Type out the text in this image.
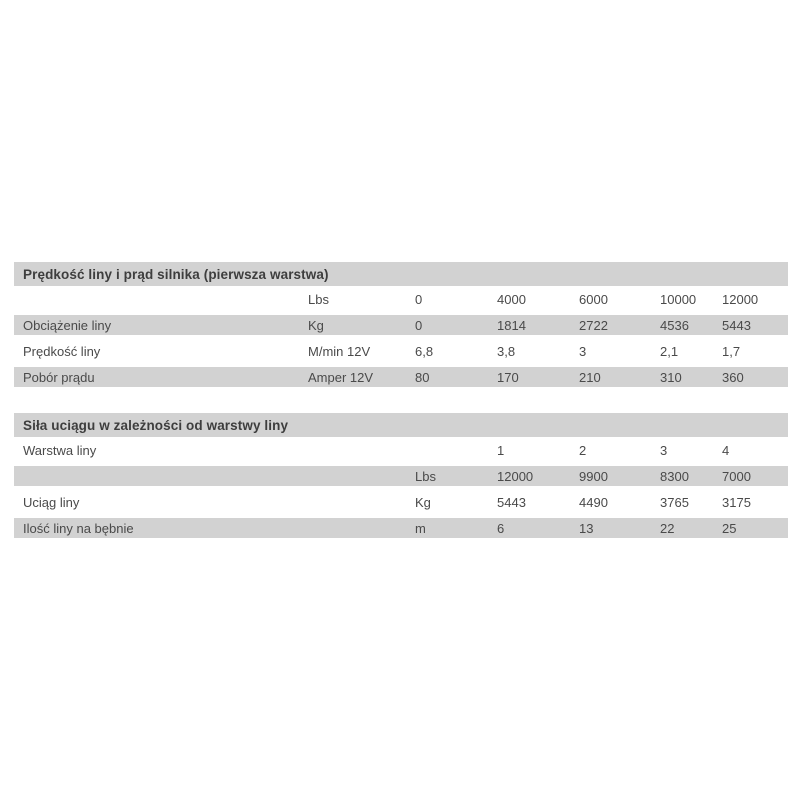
Prędkość liny i prąd silnika (pierwsza warstwa)						
	Lbs	0	4000	6000	10000	12000
Obciążenie liny	Kg	0	1814	2722	4536	5443
Prędkość liny	M/min 12V	6,8	3,8	3	2,1	1,7
Pobór prądu	Amper 12V	80	170	210	310	360
Siła uciągu w zależności od warstwy liny					
Warstwa liny		1	2	3	4
	Lbs	12000	9900	8300	7000
Uciąg liny	Kg	5443	4490	3765	3175
Ilość liny na bębnie	m	6	13	22	25
